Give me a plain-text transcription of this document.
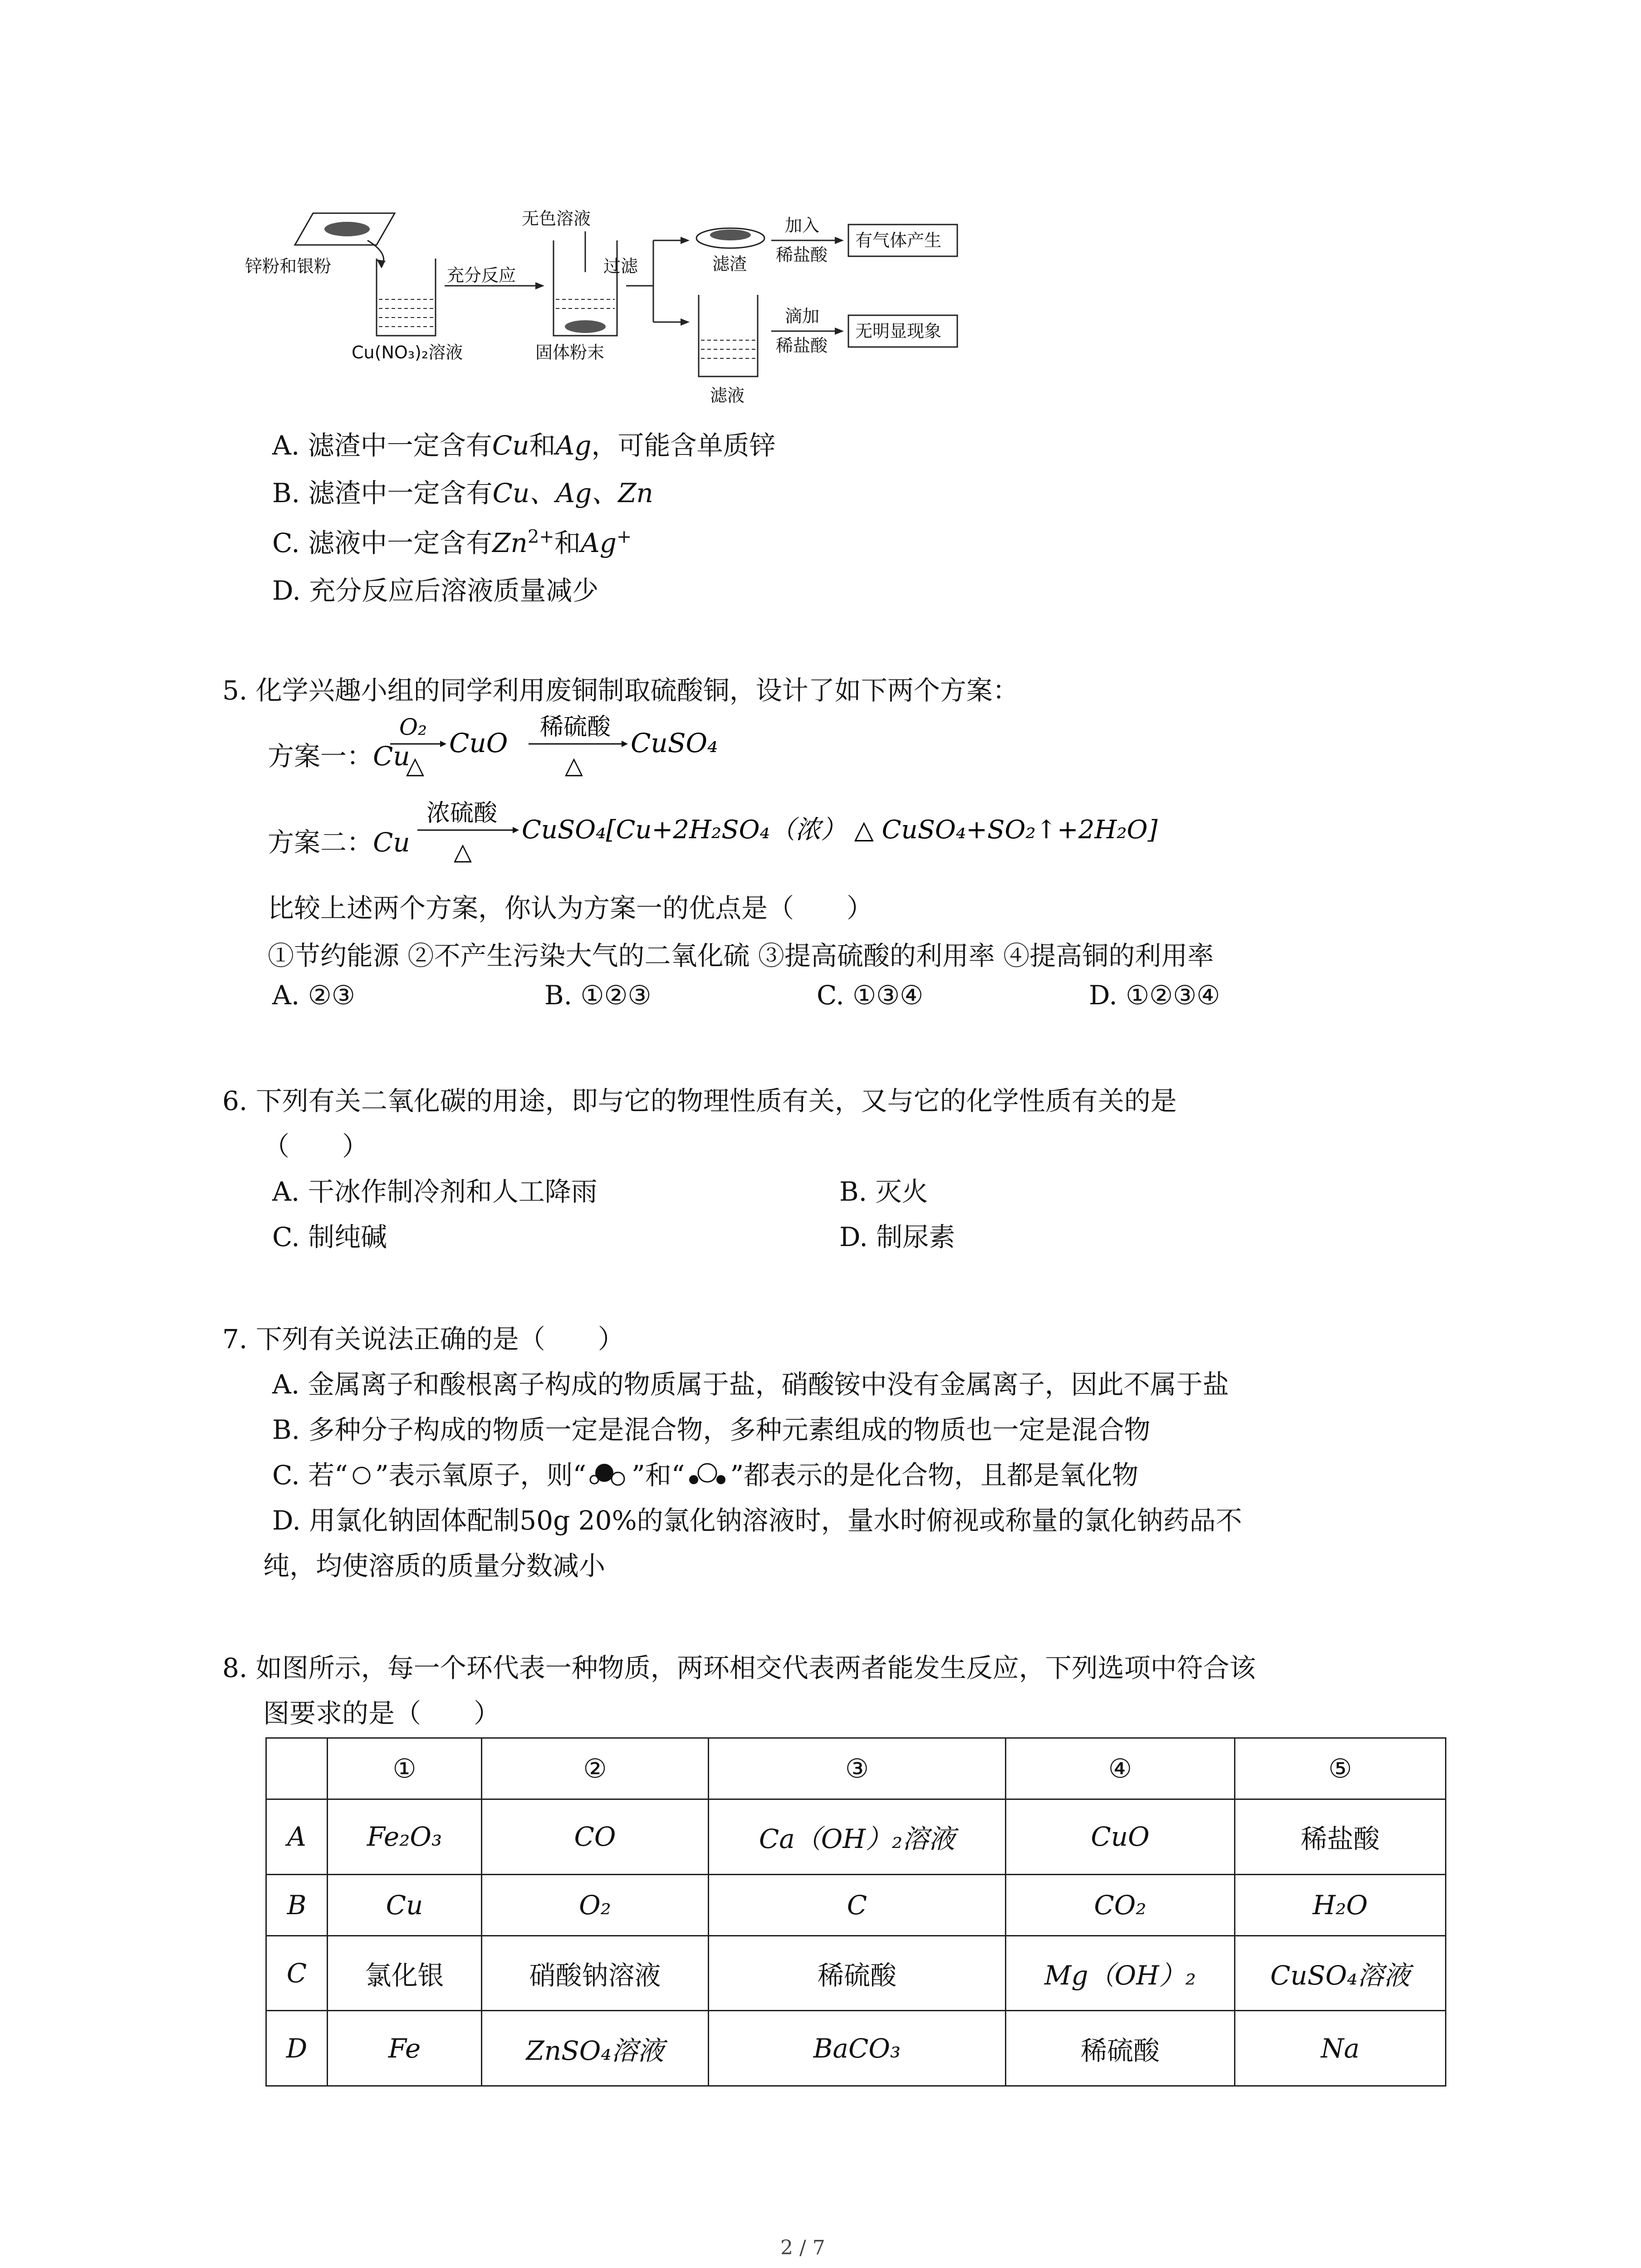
锌粉和银粉
Cu(NO₃)₂溶液
充分反应
无色溶液
固体粉末
过滤	滤渣
加入
稀盐酸
有气体产生
滤液
滴加
稀盐酸
无明显现象
A. 滤渣中一定含有Cu和Ag，可能含单质锌
B. 滤渣中一定含有Cu、Ag、Zn
C. 滤液中一定含有$Zn^{2+}$和Ag+
D. 充分反应后溶液质量减少
5. 化学兴趣小组的同学利用废铜制取硫酸铜，设计了如下两个方案：
方案一：Cu
O₂
△
CuO
稀硫酸
△
CuSO₄
方案二：Cu
浓硫酸
△
CuSO₄[Cu+2H₂SO₄（浓） △ CuSO₄+SO₂↑+2H₂O]
比较上述两个方案，你认为方案一的优点是（　　）
①节约能源 ②不产生污染大气的二氧化硫 ③提高硫酸的利用率 ④提高铜的利用率
A. ②③	B. ①②③	C. ①③④	D. ①②③④
6. 下列有关二氧化碳的用途，即与它的物理性质有关，又与它的化学性质有关的是
（　　）
A. 干冰作制冷剂和人工降雨	B. 灭火
C. 制纯碱	D. 制尿素
7. 下列有关说法正确的是（　　）
A. 金属离子和酸根离子构成的物质属于盐，硝酸铵中没有金属离子，因此不属于盐
B. 多种分子构成的物质一定是混合物，多种元素组成的物质也一定是混合物
C. 若“ ”表示氧原子，则“ ”和“ ”都表示的是化合物，且都是氧化物
D. 用氯化钠固体配制50g 20%的氯化钠溶液时，量水时俯视或称量的氯化钠药品不
纯，均使溶质的质量分数减小
8. 如图所示，每一个环代表一种物质，两环相交代表两者能发生反应，下列选项中符合该
图要求的是（　　）
	①	②	③	④	⑤
A	Fe₂O₃	CO	Ca（OH）₂溶液	CuO	稀盐酸
B	Cu	O₂	C	CO₂	H₂O
C	氯化银	硝酸钠溶液	稀硫酸	Mg（OH）₂	CuSO₄溶液
D	Fe	ZnSO₄溶液	BaCO₃	稀硫酸	Na
2 / 7
